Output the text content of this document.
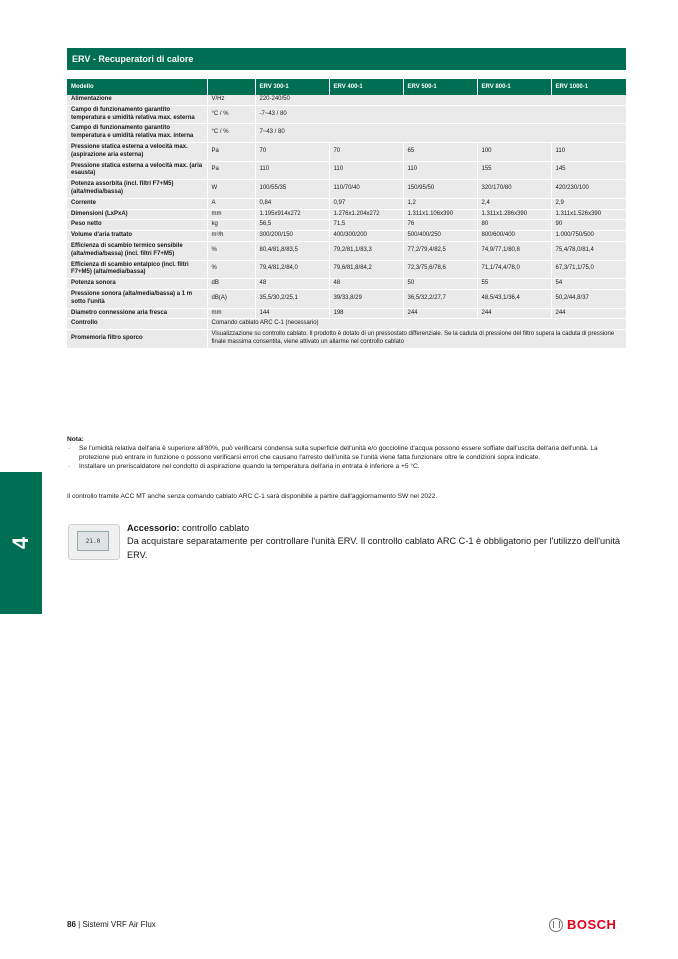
ERV - Recuperatori di calore
Modello		ERV 300-1	ERV 400-1	ERV 500-1	ERV 800-1	ERV 1000-1
Alimentazione	V/Hz	220-240/50				
Campo di funzionamento garantito temperatura e umidità relativa max. esterna	°C / %	-7~43 / 80				
Campo di funzionamento garantito temperatura e umidità relativa max. interna	°C / %	7~43 / 80				
Pressione statica esterna a velocità max. (aspirazione aria esterna)	Pa	70	70	65	100	110
Pressione statica esterna a velocità max. (aria esausta)	Pa	110	110	110	155	145
Potenza assorbita (incl. filtri F7+M5) (alta/media/bassa)	W	100/55/35	110/70/40	150/95/50	320/170/80	420/230/100
Corrente	A	0,84	0,97	1,2	2,4	2,9
Dimensioni (LxPxA)	mm	1.195x914x272	1.276x1.204x272	1.311x1.106x390	1.311x1.286x390	1.311x1.526x390
Peso netto	kg	56,5	71,5	76	80	90
Volume d'aria trattato	m³/h	300/200/150	400/300/200	500/400/250	800/600/400	1.000/750/500
Efficienza di scambio termico sensibile (alta/media/bassa) (incl. filtri F7+M5)	%	80,4/81,8/83,5	79,2/81,1/83,3	77,2/79,4/82,5	74,9/77,1/80,8	75,4/78,0/81,4
Efficienza di scambio entalpico (incl. filtri F7+M5) (alta/media/bassa)	%	79,4/81,2/84,0	79,6/81,8/84,2	72,3/75,6/78,6	71,1/74,4/78,0	67,3/71,1/75,0
Potenza sonora	dB	48	48	50	55	54
Pressione sonora (alta/media/bassa) a 1 m sotto l'unità	dB(A)	35,5/30,2/25,1	39/33,8/29	36,5/32,2/27,7	48,5/43,1/36,4	50,2/44,8/37
Diametro connessione aria fresca	mm	144	198	244	244	244
Controllo	Comando cablato ARC C-1 (necessario)					
Promemoria filtro sporco	Visualizzazione su controllo cablato. Il prodotto è dotato di un pressostato differenziale. Se la caduta di pressione del filtro supera la caduta di pressione finale massima consentita, viene attivato un allarme nel controllo cablato					
Nota:
· Se l'umidità relativa dell'aria è superiore all'80%, può verificarsi condensa sulla superficie dell'unità e/o goccioline d'acqua possono essere soffiate dall'uscita dell'aria dell'unità. La protezione può entrare in funzione o possono verificarsi errori che causano l'arresto dell'unità se l'unità viene fatta funzionare oltre le condizioni sopra indicate.
· Installare un preriscaldatore nel condotto di aspirazione quando la temperatura dell'aria in entrata è inferiore a +5 °C.
Il controllo tramite ACC MT anche senza comando cablato ARC C-1 sarà disponibile a partire dall'aggiornamento SW nel 2022.
4	21.0
Accessorio: controllo cablato
Da acquistare separatamente per controllare l'unità ERV. Il controllo cablato ARC C-1 è obbligatorio per l'utilizzo dell'unità ERV.
86 | Sistemi VRF Air Flux	BOSCH
